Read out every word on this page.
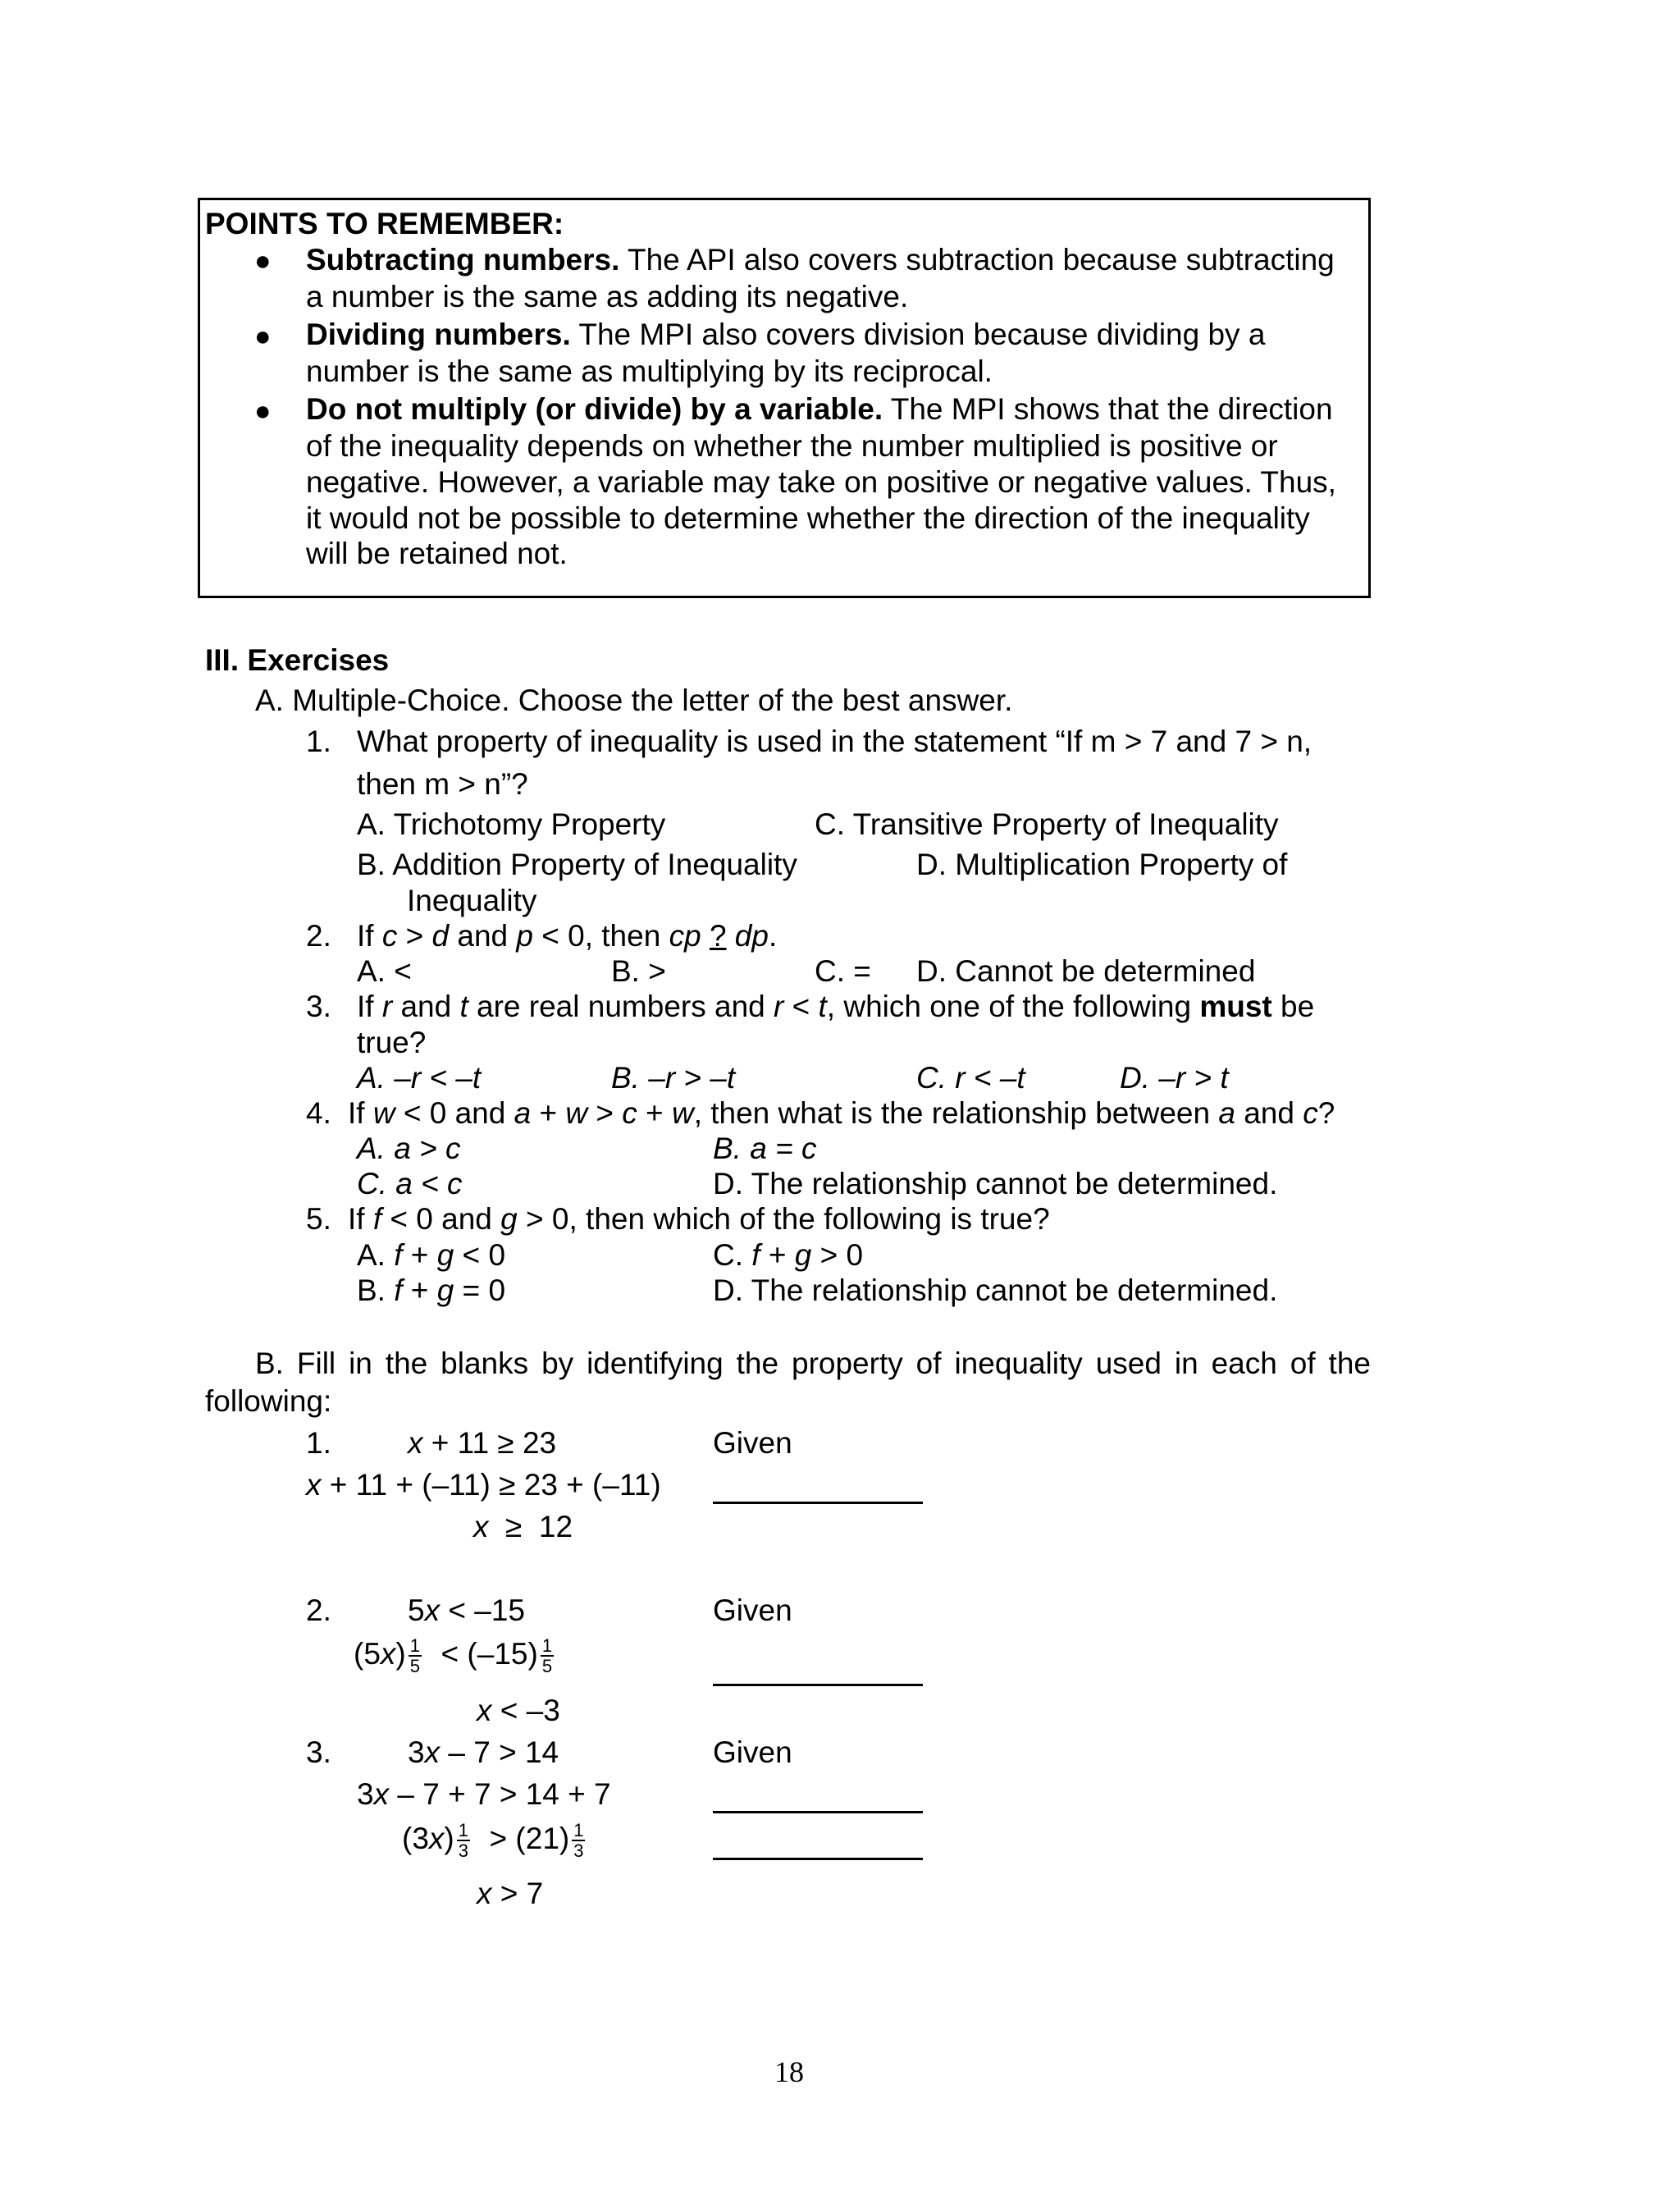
POINTS TO REMEMBER:
● Subtracting numbers. The API also covers subtraction because subtracting
a number is the same as adding its negative.
● Dividing numbers. The MPI also covers division because dividing by a
number is the same as multiplying by its reciprocal.
● Do not multiply (or divide) by a variable. The MPI shows that the direction
of the inequality depends on whether the number multiplied is positive or
negative. However, a variable may take on positive or negative values. Thus,
it would not be possible to determine whether the direction of the inequality
will be retained not.
III. Exercises
A. Multiple-Choice. Choose the letter of the best answer.
1. What property of inequality is used in the statement “If m > 7 and 7 > n,
then m > n”?
A. Trichotomy Property	C. Transitive Property of Inequality
B. Addition Property of Inequality	D. Multiplication Property of
Inequality
2. If c > d and p < 0, then cp ? dp.
A. <	B. >	C. = D. Cannot be determined
3. If r and t are real numbers and r < t, which one of the following must be
true?
A. –r < –t	B. –r > –t	C. r < –t	D. –r > t
4. If w < 0 and a + w > c + w, then what is the relationship between a and c?
A. a > c	B. a = c
C. a < c	D. The relationship cannot be determined.
5. If f < 0 and g > 0, then which of the following is true?
A. f + g < 0	C. f + g > 0
B. f + g = 0	D. The relationship cannot be determined.
B. Fill in the blanks by identifying the property of inequality used in each of the
following:
1.	x + 11 ≥ 23	Given
x + 11 + (–11) ≥ 23 + (–11)
x  ≥  12
2.	5x < –15	Given
$(5x) \frac{1}{5} < (-15) \frac{1}{5}$
x < –3
3.	3x – 7 > 14	Given
3x – 7 + 7 > 14 + 7
$(3x) \frac{1}{3} > (21) \frac{1}{3}$
x > 7
18
